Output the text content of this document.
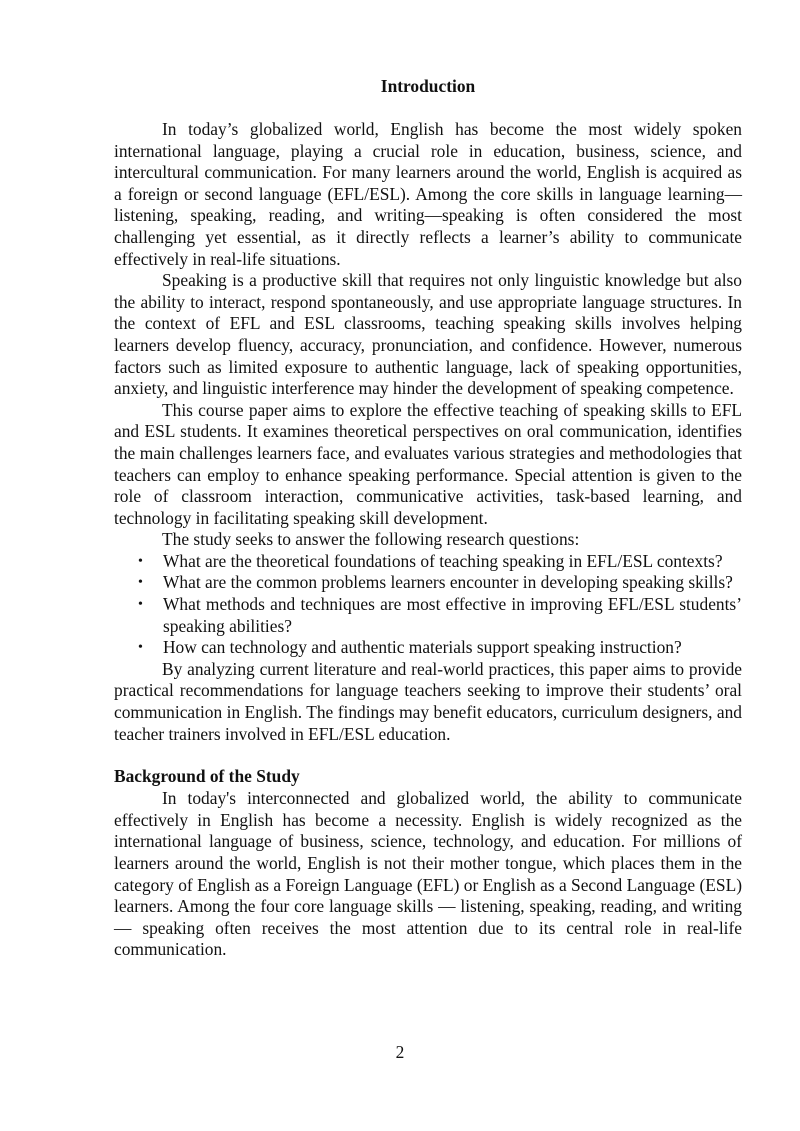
Introduction

In today’s globalized world, English has become the most widely spoken international language, playing a crucial role in education, business, science, and intercultural communication. For many learners around the world, English is acquired as a foreign or second language (EFL/ESL). Among the core skills in language learning—listening, speaking, reading, and writing—speaking is often considered the most challenging yet essential, as it directly reflects a learner’s ability to communicate effectively in real-life situations.

Speaking is a productive skill that requires not only linguistic knowledge but also the ability to interact, respond spontaneously, and use appropriate language structures. In the context of EFL and ESL classrooms, teaching speaking skills involves helping learners develop fluency, accuracy, pronunciation, and confidence. However, numerous factors such as limited exposure to authentic language, lack of speaking opportunities, anxiety, and linguistic interference may hinder the development of speaking competence.

This course paper aims to explore the effective teaching of speaking skills to EFL and ESL students. It examines theoretical perspectives on oral communication, identifies the main challenges learners face, and evaluates various strategies and methodologies that teachers can employ to enhance speaking performance. Special attention is given to the role of classroom interaction, communicative activities, task-based learning, and technology in facilitating speaking skill development.

The study seeks to answer the following research questions:

• What are the theoretical foundations of teaching speaking in EFL/ESL contexts?
• What are the common problems learners encounter in developing speaking skills?
• What methods and techniques are most effective in improving EFL/ESL students’ speaking abilities?
• How can technology and authentic materials support speaking instruction?

By analyzing current literature and real-world practices, this paper aims to provide practical recommendations for language teachers seeking to improve their students’ oral communication in English. The findings may benefit educators, curriculum designers, and teacher trainers involved in EFL/ESL education.

Background of the Study

In today's interconnected and globalized world, the ability to communicate effectively in English has become a necessity. English is widely recognized as the international language of business, science, technology, and education. For millions of learners around the world, English is not their mother tongue, which places them in the category of English as a Foreign Language (EFL) or English as a Second Language (ESL) learners. Among the four core language skills — listening, speaking, reading, and writing — speaking often receives the most attention due to its central role in real-life communication.

2
